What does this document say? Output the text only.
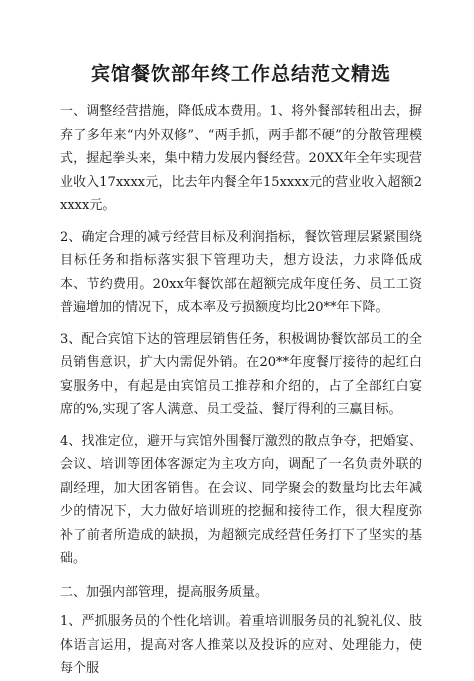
宾馆餐饮部年终工作总结范文精选

一、调整经营措施，降低成本费用。1、将外餐部转租出去，摒弃了多年来“内外双修”、“两手抓，两手都不硬”的分散管理模式，握起拳头来，集中精力发展内餐经营。20XX年全年实现营业收入17xxxx元，比去年内餐全年15xxxx元的营业收入超额2xxxx元。

2、确定合理的减亏经营目标及利润指标，餐饮管理层紧紧围绕目标任务和指标落实狠下管理功夫，想方设法，力求降低成本、节约费用。20xx年餐饮部在超额完成年度任务、员工工资普遍增加的情况下，成本率及亏损额度均比20**年下降。

3、配合宾馆下达的管理层销售任务，积极调协餐饮部员工的全员销售意识，扩大内需促外销。在20**年度餐厅接待的起红白宴服务中，有起是由宾馆员工推荐和介绍的，占了全部红白宴席的%,实现了客人满意、员工受益、餐厅得利的三赢目标。

4、找准定位，避开与宾馆外围餐厅激烈的散点争夺，把婚宴、会议、培训等团体客源定为主攻方向，调配了一名负责外联的副经理，加大团客销售。在会议、同学聚会的数量均比去年减少的情况下，大力做好培训班的挖掘和接待工作，很大程度弥补了前者所造成的缺损，为超额完成经营任务打下了坚实的基础。

二、加强内部管理，提高服务质量。

1、严抓服务员的个性化培训。着重培训服务员的礼貌礼仪、肢体语言运用，提高对客人推菜以及投诉的应对、处理能力，使每个服
